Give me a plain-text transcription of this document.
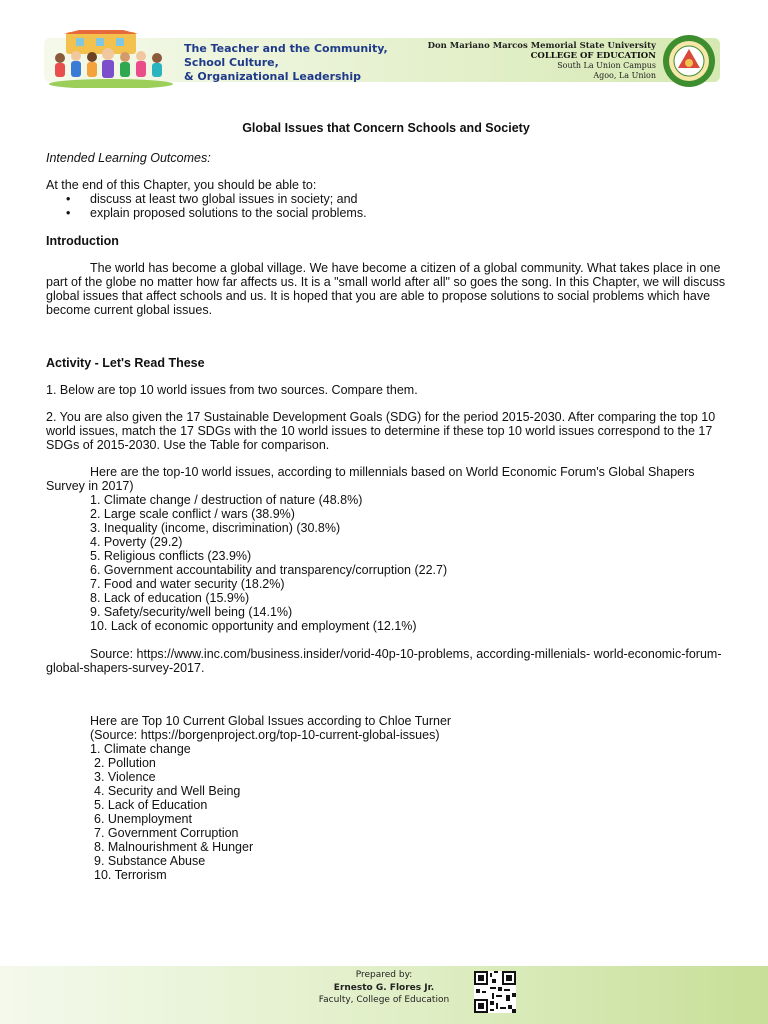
The Teacher and the Community,
School Culture,
& Organizational Leadership
Don Mariano Marcos Memorial State University
COLLEGE OF EDUCATION
South La Union Campus
Agoo, La Union

Global Issues that Concern Schools and Society

Intended Learning Outcomes:

At the end of this Chapter, you should be able to:

• discuss at least two global issues in society; and
• explain proposed solutions to the social problems.

Introduction

The world has become a global village. We have become a citizen of a global community. What takes place in one part of the globe no matter how far affects us. It is a "small world after all" so goes the song. In this Chapter, we will discuss global issues that affect schools and us. It is hoped that you are able to propose solutions to social problems which have become current global issues.

Activity - Let's Read These

1. Below are top 10 world issues from two sources. Compare them.

2. You are also given the 17 Sustainable Development Goals (SDG) for the period 2015-2030. After comparing the top 10 world issues, match the 17 SDGs with the 10 world issues to determine if these top 10 world issues correspond to the 17 SDGs of 2015-2030. Use the Table for comparison.

Here are the top-10 world issues, according to millennials based on World Economic Forum's Global Shapers Survey in 2017)

1. Climate change / destruction of nature (48.8%)
2. Large scale conflict / wars (38.9%)
3. Inequality (income, discrimination) (30.8%)
4. Poverty (29.2)
5. Religious conflicts (23.9%)
6. Government accountability and transparency/corruption (22.7)
7. Food and water security (18.2%)
8. Lack of education (15.9%)
9. Safety/security/well being (14.1%)
10. Lack of economic opportunity and employment (12.1%)

Source: https://www.inc.com/business.insider/vorid-40p-10-problems, according-millenials- world-economic-forum-global-shapers-survey-2017.

Here are Top 10 Current Global Issues according to Chloe Turner
(Source: https://borgenproject.org/top-10-current-global-issues)
1. Climate change
2. Pollution
3. Violence
4. Security and Well Being
5. Lack of Education
6. Unemployment
7. Government Corruption
8. Malnourishment & Hunger
9. Substance Abuse
10. Terrorism
Prepared by:
Ernesto G. Flores Jr.
Faculty, College of Education
